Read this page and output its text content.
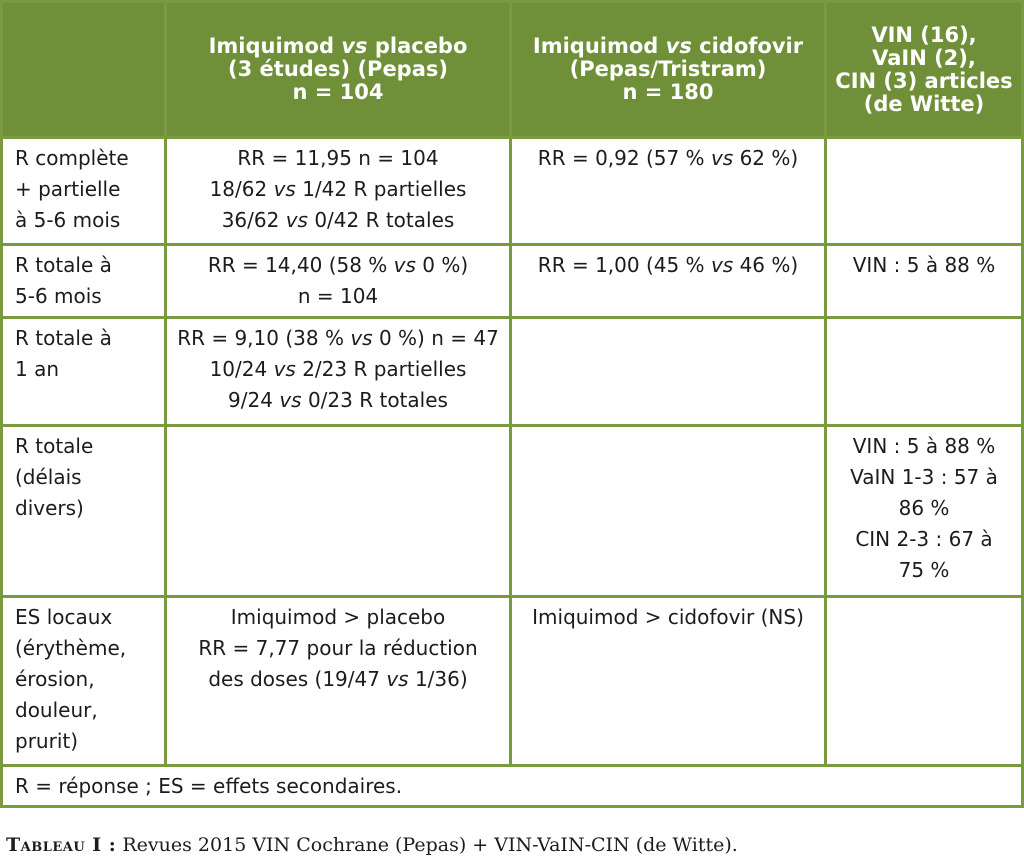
Imiquimod vs placebo
(3 études) (Pepas)
n = 104
Imiquimod vs cidofovir
(Pepas/Tristram)
n = 180
VIN (16),
VaIN (2),
CIN (3) articles
(de Witte)
R complète
+ partielle
à 5-6 mois
RR = 11,95 n = 104
18/62 vs 1/42 R partielles
36/62 vs 0/42 R totales
RR = 0,92 (57 % vs 62 %)
R totale à
5-6 mois
RR = 14,40 (58 % vs 0 %)
n = 104
RR = 1,00 (45 % vs 46 %)	VIN : 5 à 88 %
R totale à
1 an
RR = 9,10 (38 % vs 0 %) n = 47
10/24 vs 2/23 R partielles
9/24 vs 0/23 R totales
R totale
(délais
divers)
VIN : 5 à 88 %
VaIN 1-3 : 57 à
86 %
CIN 2-3 : 67 à
75 %
ES locaux
(érythème,
érosion,
douleur,
prurit)
Imiquimod > placebo
RR = 7,77 pour la réduction
des doses (19/47 vs 1/36)
Imiquimod > cidofovir (NS)
R = réponse ; ES = effets secondaires.
Tableau I : Revues 2015 VIN Cochrane (Pepas) + VIN-VaIN-CIN (de Witte).
